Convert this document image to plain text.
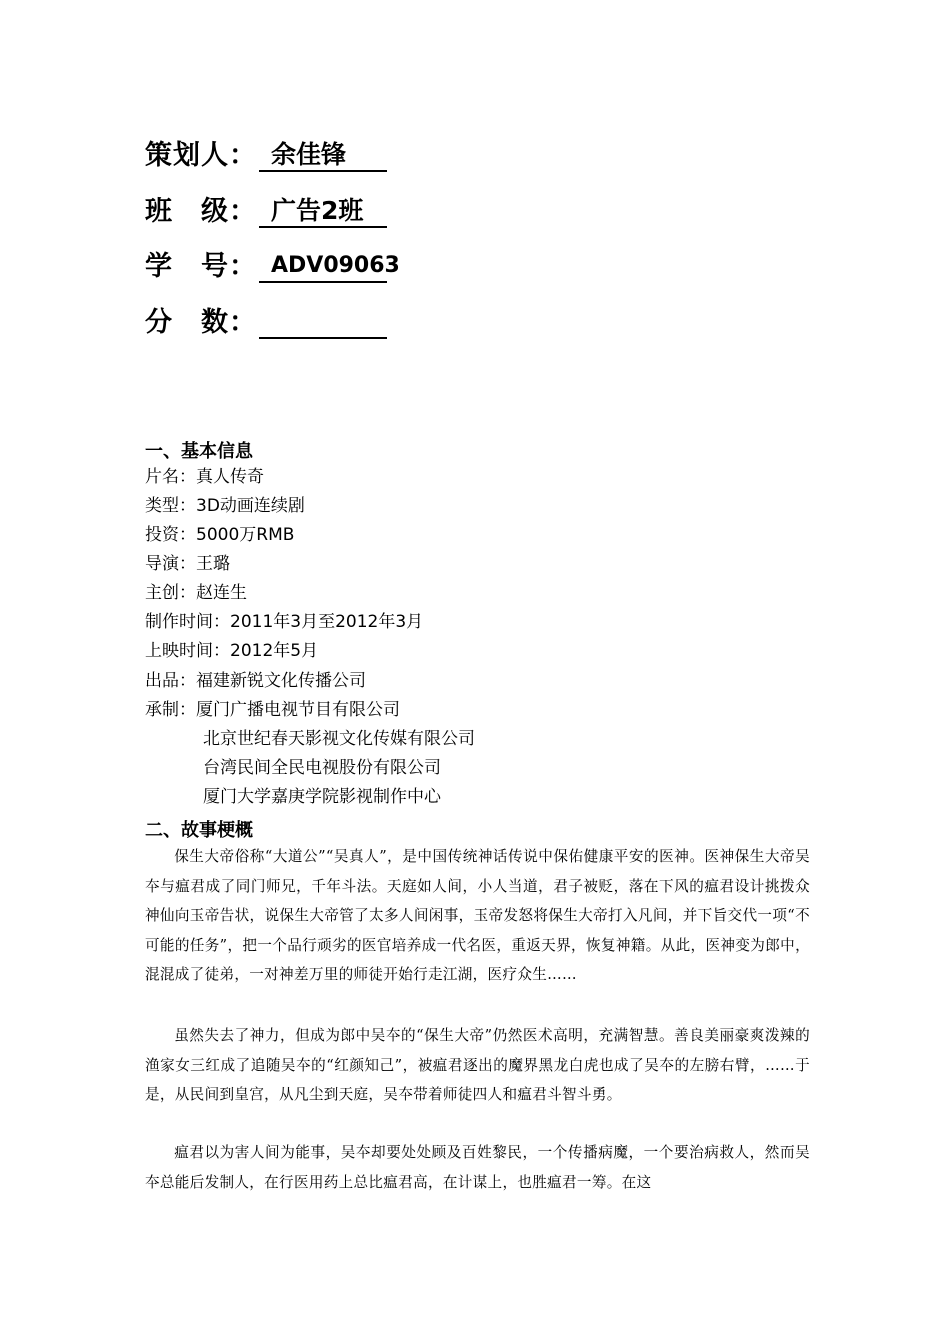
策划人： 余佳锋
班　级： 广告2班
学　号： ADV09063
分　数：
一、基本信息
片名：真人传奇
类型：3D动画连续剧
投资：5000万RMB
导演：王璐
主创：赵连生
制作时间：2011年3月至2012年3月
上映时间：2012年5月
出品：福建新锐文化传播公司
承制：厦门广播电视节目有限公司
北京世纪春天影视文化传媒有限公司
台湾民间全民电视股份有限公司
厦门大学嘉庚学院影视制作中心
二、故事梗概

保生大帝俗称“大道公”“吴真人”，是中国传统神话传说中保佑健康平安的医神。医神保生大帝吴夲与瘟君成了同门师兄，千年斗法。天庭如人间，小人当道，君子被贬，落在下风的瘟君设计挑拨众神仙向玉帝告状，说保生大帝管了太多人间闲事，玉帝发怒将保生大帝打入凡间，并下旨交代一项“不可能的任务”，把一个品行顽劣的医官培养成一代名医，重返天界，恢复神籍。从此，医神变为郎中，混混成了徒弟，一对神差万里的师徒开始行走江湖，医疗众生……

虽然失去了神力，但成为郎中吴夲的“保生大帝”仍然医术高明，充满智慧。善良美丽豪爽泼辣的渔家女三红成了追随吴夲的“红颜知己”，被瘟君逐出的魔界黑龙白虎也成了吴夲的左膀右臂，……于是，从民间到皇宫，从凡尘到天庭，吴夲带着师徒四人和瘟君斗智斗勇。

瘟君以为害人间为能事，吴夲却要处处顾及百姓黎民，一个传播病魔，一个要治病救人，然而吴夲总能后发制人，在行医用药上总比瘟君高，在计谋上，也胜瘟君一筹。在这
